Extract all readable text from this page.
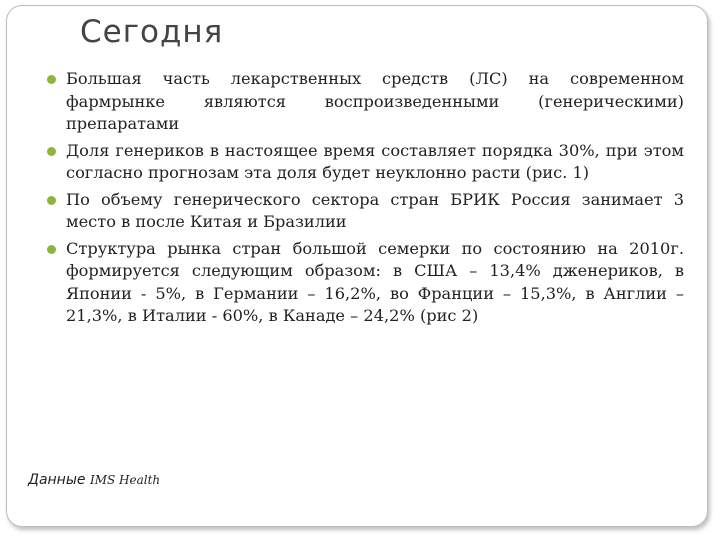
Сегодня
Большая часть лекарственных средств (ЛС) на современном фармрынке являются воспроизведенными (генерическими) препаратами
Доля генериков в настоящее время составляет порядка 30%, при этом согласно прогнозам эта доля будет неуклонно расти (рис. 1)
По объему генерического сектора стран БРИК Россия занимает 3 место в после Китая и Бразилии
Структура рынка стран большой семерки по состоянию на 2010г. формируется следующим образом: в США – 13,4% дженериков, в Японии - 5%, в Германии – 16,2%, во Франции – 15,3%, в Англии – 21,3%, в Италии - 60%, в Канаде – 24,2% (рис 2)
Данные IMS Health
